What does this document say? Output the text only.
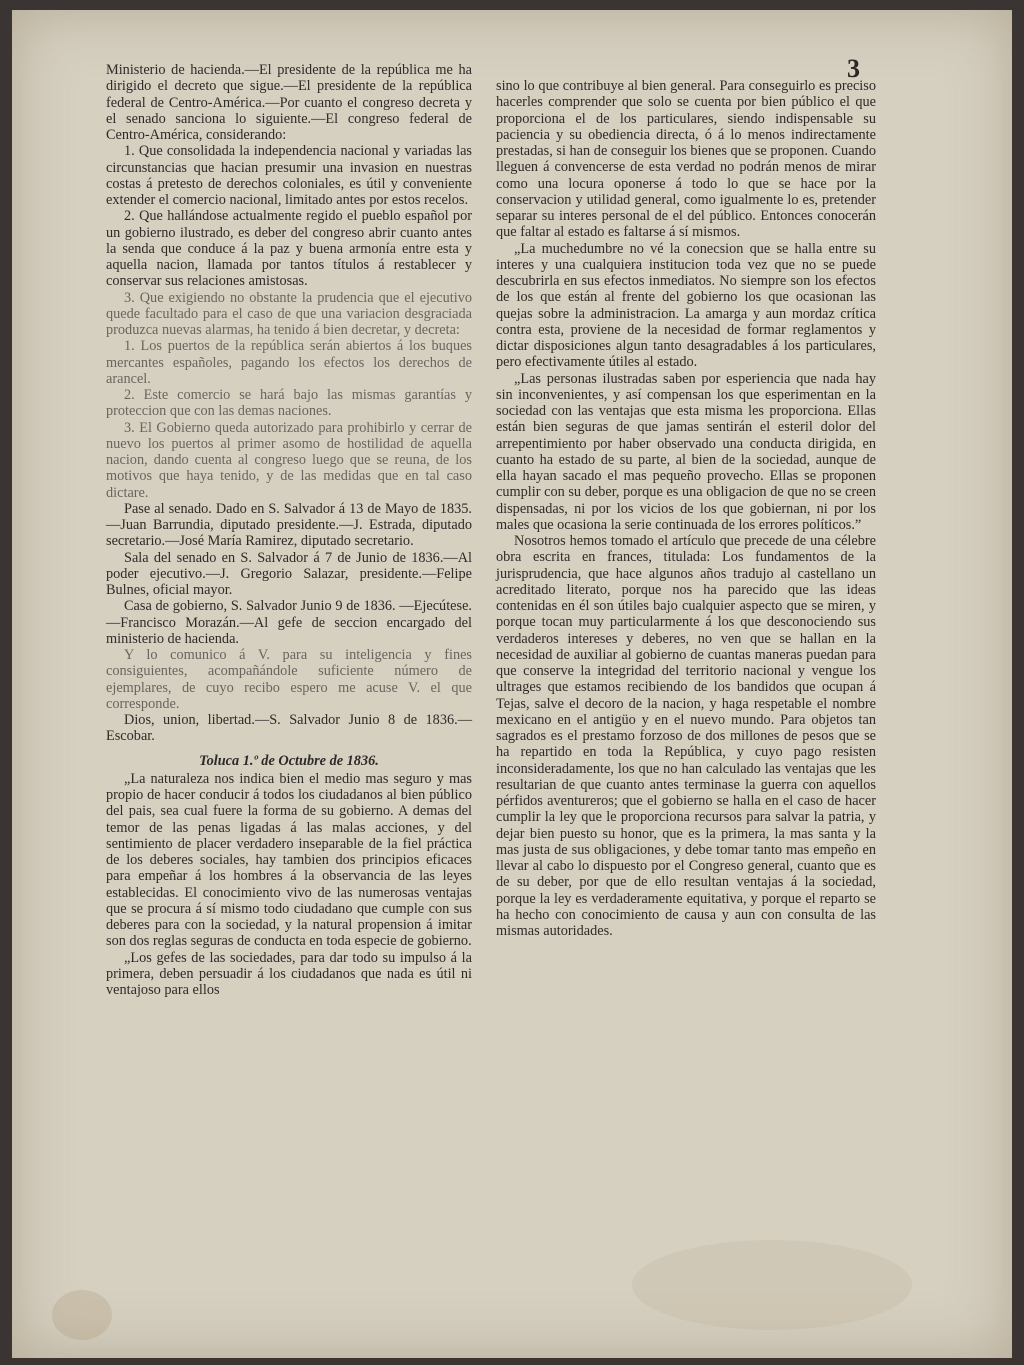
3

Ministerio de hacienda.—El presidente de la república me ha dirigido el decreto que sigue.—El presidente de la república federal de Centro-América.—Por cuanto el congreso decreta y el senado sanciona lo siguiente.—El congreso federal de Centro-América, considerando:

1. Que consolidada la independencia nacional y variadas las circunstancias que hacian presumir una invasion en nuestras costas á pretesto de derechos coloniales, es útil y conveniente extender el comercio nacional, limitado antes por estos recelos.

2. Que hallándose actualmente regido el pueblo español por un gobierno ilustrado, es deber del congreso abrir cuanto antes la senda que conduce á la paz y buena armonía entre esta y aquella nacion, llamada por tantos títulos á restablecer y conservar sus relaciones amistosas.

3. Que exigiendo no obstante la prudencia que el ejecutivo quede facultado para el caso de que una variacion desgraciada produzca nuevas alarmas, ha tenido á bien decretar, y decreta:

1. Los puertos de la república serán abiertos á los buques mercantes españoles, pagando los efectos los derechos de arancel.

2. Este comercio se hará bajo las mismas garantías y proteccion que con las demas naciones.

3. El Gobierno queda autorizado para prohibirlo y cerrar de nuevo los puertos al primer asomo de hostilidad de aquella nacion, dando cuenta al congreso luego que se reuna, de los motivos que haya tenido, y de las medidas que en tal caso dictare.

Pase al senado. Dado en S. Salvador á 13 de Mayo de 1835.—Juan Barrundia, diputado presidente.—J. Estrada, diputado secretario.—José María Ramirez, diputado secretario.

Sala del senado en S. Salvador á 7 de Junio de 1836.—Al poder ejecutivo.—J. Gregorio Salazar, presidente.—Felipe Bulnes, oficial mayor.

Casa de gobierno, S. Salvador Junio 9 de 1836. —Ejecútese.—Francisco Morazán.—Al gefe de seccion encargado del ministerio de hacienda.

Y lo comunico á V. para su inteligencia y fines consiguientes, acompañándole suficiente número de ejemplares, de cuyo recibo espero me acuse V. el que corresponde.

Dios, union, libertad.—S. Salvador Junio 8 de 1836.—Escobar.

Toluca 1.º de Octubre de 1836.

„La naturaleza nos indica bien el medio mas seguro y mas propio de hacer conducir á todos los ciudadanos al bien público del pais, sea cual fuere la forma de su gobierno. A demas del temor de las penas ligadas á las malas acciones, y del sentimiento de placer verdadero inseparable de la fiel práctica de los deberes sociales, hay tambien dos principios eficaces para empeñar á los hombres á la observancia de las leyes establecidas. El conocimiento vivo de las numerosas ventajas que se procura á sí mismo todo ciudadano que cumple con sus deberes para con la sociedad, y la natural propension á imitar son dos reglas seguras de conducta en toda especie de gobierno.

„Los gefes de las sociedades, para dar todo su impulso á la primera, deben persuadir á los ciudadanos que nada es útil ni ventajoso para ellos

sino lo que contribuye al bien general. Para conseguirlo es preciso hacerles comprender que solo se cuenta por bien público el que proporciona el de los particulares, siendo indispensable su paciencia y su obediencia directa, ó á lo menos indirectamente prestadas, si han de conseguir los bienes que se proponen. Cuando lleguen á convencerse de esta verdad no podrán menos de mirar como una locura oponerse á todo lo que se hace por la conservacion y utilidad general, como igualmente lo es, pretender separar su interes personal de el del público. Entonces conocerán que faltar al estado es faltarse á sí mismos.

„La muchedumbre no vé la conecsion que se halla entre su interes y una cualquiera institucion toda vez que no se puede descubrirla en sus efectos inmediatos. No siempre son los efectos de los que están al frente del gobierno los que ocasionan las quejas sobre la administracion. La amarga y aun mordaz crítica contra esta, proviene de la necesidad de formar reglamentos y dictar disposiciones algun tanto desagradables á los particulares, pero efectivamente útiles al estado.

„Las personas ilustradas saben por esperiencia que nada hay sin inconvenientes, y así compensan los que esperimentan en la sociedad con las ventajas que esta misma les proporciona. Ellas están bien seguras de que jamas sentirán el esteril dolor del arrepentimiento por haber observado una conducta dirigida, en cuanto ha estado de su parte, al bien de la sociedad, aunque de ella hayan sacado el mas pequeño provecho. Ellas se proponen cumplir con su deber, porque es una obligacion de que no se creen dispensadas, ni por los vicios de los que gobiernan, ni por los males que ocasiona la serie continuada de los errores políticos.”

Nosotros hemos tomado el artículo que precede de una célebre obra escrita en frances, titulada: Los fundamentos de la jurisprudencia, que hace algunos años tradujo al castellano un acreditado literato, porque nos ha parecido que las ideas contenidas en él son útiles bajo cualquier aspecto que se miren, y porque tocan muy particularmente á los que desconociendo sus verdaderos intereses y deberes, no ven que se hallan en la necesidad de auxiliar al gobierno de cuantas maneras puedan para que conserve la integridad del territorio nacional y vengue los ultrages que estamos recibiendo de los bandidos que ocupan á Tejas, salve el decoro de la nacion, y haga respetable el nombre mexicano en el antigüo y en el nuevo mundo. Para objetos tan sagrados es el prestamo forzoso de dos millones de pesos que se ha repartido en toda la República, y cuyo pago resisten inconsideradamente, los que no han calculado las ventajas que les resultarian de que cuanto antes terminase la guerra con aquellos pérfidos aventureros; que el gobierno se halla en el caso de hacer cumplir la ley que le proporciona recursos para salvar la patria, y dejar bien puesto su honor, que es la primera, la mas santa y la mas justa de sus obligaciones, y debe tomar tanto mas empeño en llevar al cabo lo dispuesto por el Congreso general, cuanto que es de su deber, por que de ello resultan ventajas á la sociedad, porque la ley es verdaderamente equitativa, y porque el reparto se ha hecho con conocimiento de causa y aun con consulta de las mismas autoridades.
